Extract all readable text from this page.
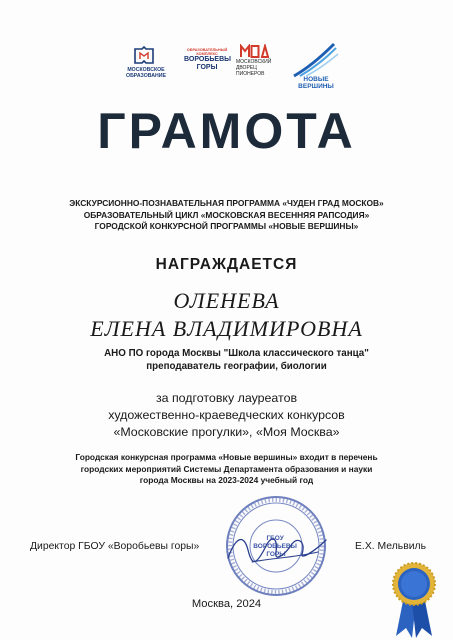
МОСКОВСКОЕ
ОБРАЗОВАНИЕ
ОБРАЗОВАТЕЛЬНЫЙ КОМПЛЕКС
ВОРОБЬЕВЫ
ГОРЫ
МОСКОВСКИЙ
ДВОРЕЦ
ПИОНЕРОВ
НОВЫЕ
ВЕРШИНЫ
ГРАМОТА
ЭКСКУРСИОННО-ПОЗНАВАТЕЛЬНАЯ ПРОГРАММА «ЧУДЕН ГРАД МОСКОВ»
ОБРАЗОВАТЕЛЬНЫЙ ЦИКЛ «МОСКОВСКАЯ ВЕСЕННЯЯ РАПСОДИЯ»
ГОРОДСКОЙ КОНКУРСНОЙ ПРОГРАММЫ «НОВЫЕ ВЕРШИНЫ»
НАГРАЖДАЕТСЯ
ОЛЕНЕВА
ЕЛЕНА ВЛАДИМИРОВНА
АНО ПО города Москвы "Школа классического танца"
преподаватель географии, биологии
за подготовку лауреатов
художественно-краеведческих конкурсов
«Московские прогулки», «Моя Москва»
Городская конкурсная программа «Новые вершины» входит в перечень
городских мероприятий Системы Департамента образования и науки
города Москвы на 2023-2024 учебный год
ГБОУ ВОРОБЬЕВЫ ГОРЫ
Директор ГБОУ «Воробьевы горы»	Е.Х. Мельвиль
Москва, 2024
